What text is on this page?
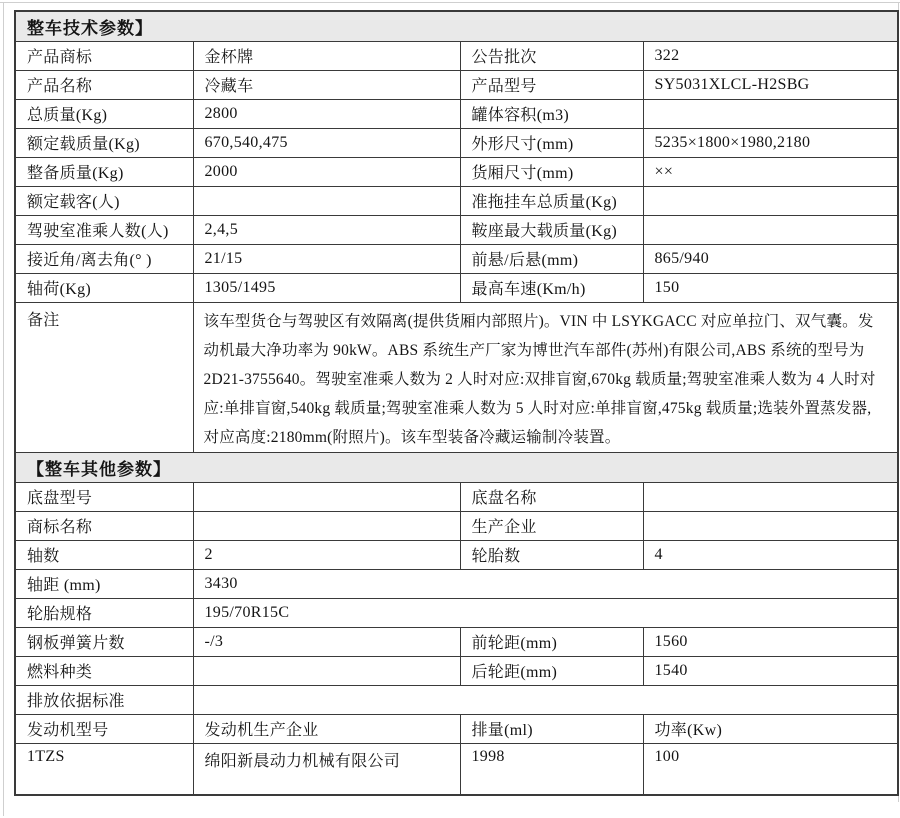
整车技术参数】			
产品商标	金杯牌	公告批次	322
产品名称	冷藏车	产品型号	SY5031XLCL-H2SBG
总质量(Kg)	2800	罐体容积(m3)	
额定载质量(Kg)	670,540,475	外形尺寸(mm)	5235×1800×1980,2180
整备质量(Kg)	2000	货厢尺寸(mm)	××
额定载客(人)		准拖挂车总质量(Kg)	
驾驶室准乘人数(人)	2,4,5	鞍座最大载质量(Kg)	
接近角/离去角(° )	21/15	前悬/后悬(mm)	865/940
轴荷(Kg)	1305/1495	最高车速(Km/h)	150
备注	该车型货仓与驾驶区有效隔离(提供货厢内部照片)。VIN 中 LSYKGACC 对应单拉门、双气囊。发动机最大净功率为 90kW。ABS 系统生产厂家为博世汽车部件(苏州)有限公司,ABS 系统的型号为 2D21-3755640。驾驶室准乘人数为 2 人时对应:双排盲窗,670kg 载质量;驾驶室准乘人数为 4 人时对应:单排盲窗,540kg 载质量;驾驶室准乘人数为 5 人时对应:单排盲窗,475kg 载质量;选装外置蒸发器,对应高度:2180mm(附照片)。该车型装备冷藏运输制冷装置。		
【整车其他参数】			
底盘型号		底盘名称	
商标名称		生产企业	
轴数	2	轮胎数	4
轴距 (mm)	3430		
轮胎规格	195/70R15C		
钢板弹簧片数	-/3	前轮距(mm)	1560
燃料种类		后轮距(mm)	1540
排放依据标准			
发动机型号	发动机生产企业	排量(ml)	功率(Kw)
1TZS	绵阳新晨动力机械有限公司	1998	100
